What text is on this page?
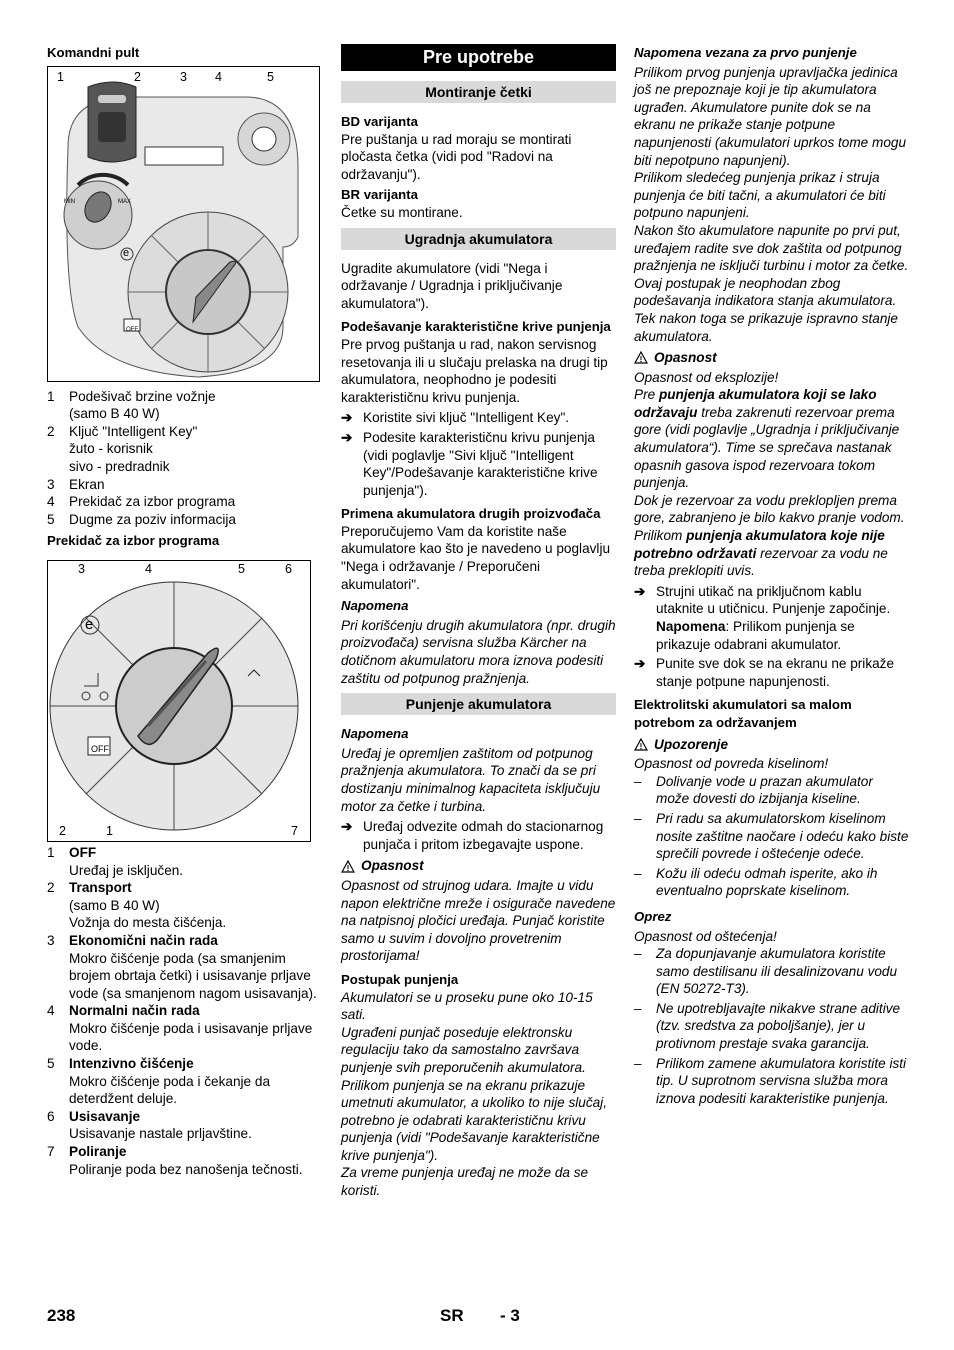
Komandni pult
1	2	3 4	5
MIN	MAX
OFF
e
1	Podešivač brzine vožnje
(samo B 40 W)
2	Ključ "Intelligent Key"
žuto - korisnik
sivo - predradnik
3	Ekran
4	Prekidač za izbor programa
5	Dugme za poziv informacija
Prekidač za izbor programa
3	4	5	6
2	1	7
OFF
e
1	OFF
Uređaj je isključen.
2	Transport
(samo B 40 W)
Vožnja do mesta čišćenja.
3	Ekonomični način rada
Mokro čišćenje poda (sa smanjenim brojem obrtaja četki) i usisavanje prljave vode (sa smanjenom nagom usisavanja).
4	Normalni način rada
Mokro čišćenje poda i usisavanje prljave vode.
5	Intenzivno čišćenje
Mokro čišćenje poda i čekanje da deterdžent deluje.
6	Usisavanje
Usisavanje nastale prljavštine.
7	Poliranje
Poliranje poda bez nanošenja tečnosti.
Pre upotrebe
Montiranje četki
BD varijanta

Pre puštanja u rad moraju se montirati pločasta četka (vidi pod "Radovi na održavanju").

BR varijanta

Četke su montirane.

Ugradnja akumulatora

Ugradite akumulatore (vidi "Nega i održavanje / Ugradnja i priključivanje akumulatora").

Podešavanje karakteristične krive punjenja

Pre prvog puštanja u rad, nakon servisnog resetovanja ili u slučaju prelaska na drugi tip akumulatora, neophodno je podesiti karakterističnu krivu punjenja.

➔ Koristite sivi ključ "Intelligent Key".
➔ Podesite karakterističnu krivu punjenja (vidi poglavlje "Sivi ključ "Intelligent Key"/Podešavanje karakteristične krive punjenja").
Primena akumulatora drugih proizvođača

Preporučujemo Vam da koristite naše akumulatore kao što je navedeno u poglavlju "Nega i održavanje / Preporučeni akumulatori".

Napomena

Pri korišćenju drugih akumulatora (npr. drugih proizvođača) servisna služba Kärcher na dotičnom akumulatoru mora iznova podesiti zaštitu od potpunog pražnjenja.

Punjenje akumulatora
Napomena

Uređaj je opremljen zaštitom od potpunog pražnjenja akumulatora. To znači da se pri dostizanju minimalnog kapaciteta isključuju motor za četke i turbina.

➔ Uređaj odvezite odmah do stacionarnog punjača i pritom izbegavajte uspone.
Opasnost

Opasnost od strujnog udara. Imajte u vidu napon električne mreže i osigurače navedene na natpisnoj pločici uređaja. Punjač koristite samo u suvim i dovoljno provetrenim prostorijama!

Postupak punjenja

Akumulatori se u proseku pune oko 10-15 sati.

Ugrađeni punjač poseduje elektronsku regulaciju tako da samostalno završava punjenje svih preporučenih akumulatora. Prilikom punjenja se na ekranu prikazuje umetnuti akumulator, a ukoliko to nije slučaj, potrebno je odabrati karakterističnu krivu punjenja (vidi "Podešavanje karakteristične krive punjenja").

Za vreme punjenja uređaj ne može da se koristi.

Napomena vezana za prvo punjenje

Prilikom prvog punjenja upravljačka jedinica još ne prepoznaje koji je tip akumulatora ugrađen. Akumulatore punite dok se na ekranu ne prikaže stanje potpune napunjenosti (akumulatori uprkos tome mogu biti nepotpuno napunjeni).

Prilikom sledećeg punjenja prikaz i struja punjenja će biti tačni, a akumulatori će biti potpuno napunjeni.

Nakon što akumulatore napunite po prvi put, uređajem radite sve dok zaštita od potpunog pražnjenja ne isključi turbinu i motor za četke. Ovaj postupak je neophodan zbog podešavanja indikatora stanja akumulatora. Tek nakon toga se prikazuje ispravno stanje akumulatora.

Opasnost

Opasnost od eksplozije!

Pre punjenja akumulatora koji se lako održavaju treba zakrenuti rezervoar prema gore (vidi poglavlje „Ugradnja i priključivanje akumulatora“). Time se sprečava nastanak opasnih gasova ispod rezervoara tokom punjenja.

Dok je rezervoar za vodu preklopljen prema gore, zabranjeno je bilo kakvo pranje vodom.

Prilikom punjenja akumulatora koje nije potrebno održavati rezervoar za vodu ne treba preklopiti uvis.

➔ Strujni utikač na priključnom kablu utaknite u utičnicu. Punjenje započinje.
Napomena: Prilikom punjenja se prikazuje odabrani akumulator.
➔ Punite sve dok se na ekranu ne prikaže stanje potpune napunjenosti.
Elektrolitski akumulatori sa malom potrebom za održavanjem
Upozorenje

Opasnost od povreda kiselinom!

–	Dolivanje vode u prazan akumulator može dovesti do izbijanja kiseline.
–	Pri radu sa akumulatorskom kiselinom nosite zaštitne naočare i odeću kako biste sprečili povrede i oštećenje odeće.
–	Kožu ili odeću odmah isperite, ako ih eventualno poprskate kiselinom.
Oprez

Opasnost od oštećenja!

–	Za dopunjavanje akumulatora koristite samo destilisanu ili desalinizovanu vodu (EN 50272-T3).
–	Ne upotrebljavajte nikakve strane aditive (tzv. sredstva za poboljšanje), jer u protivnom prestaje svaka garancija.
–	Prilikom zamene akumulatora koristite isti tip. U suprotnom servisna služba mora iznova podesiti karakteristike punjenja.
238	SR - 3
